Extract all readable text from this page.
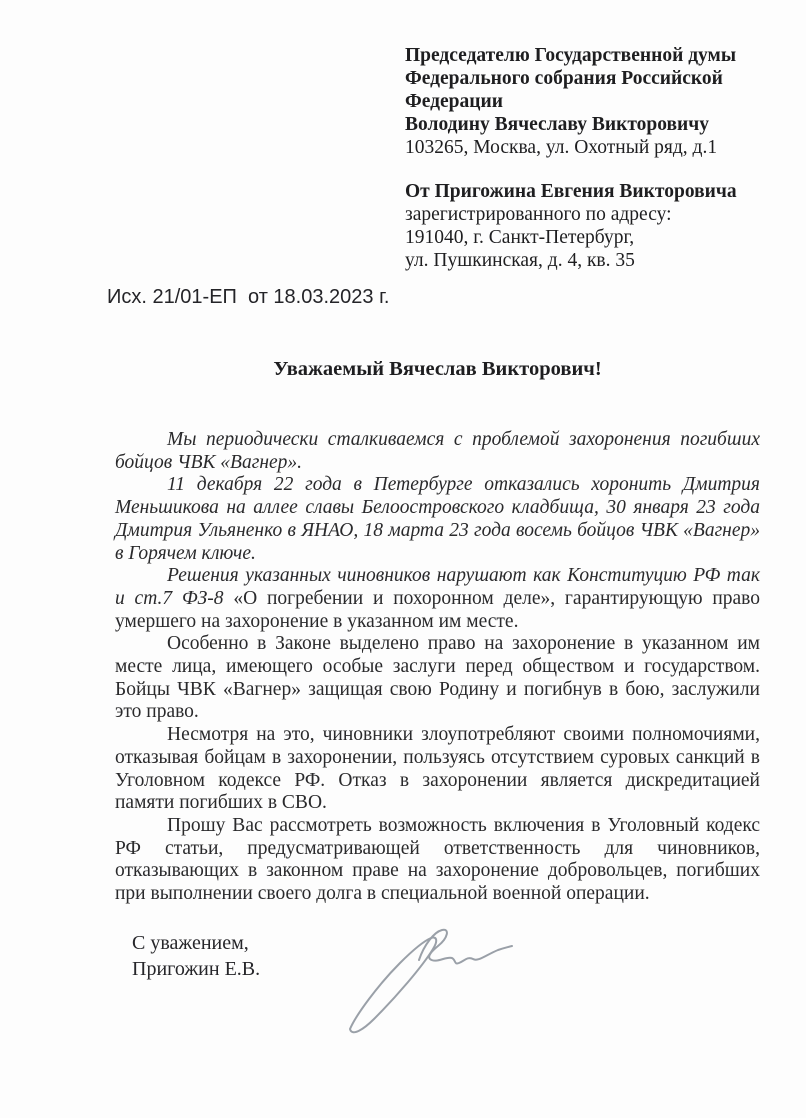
Председателю Государственной думы
Федерального собрания Российской
Федерации
Володину Вячеславу Викторовичу
103265, Москва, ул. Охотный ряд, д.1
От Пригожина Евгения Викторовича
зарегистрированного по адресу:
191040, г. Санкт-Петербург,
ул. Пушкинская, д. 4, кв. 35
Исх. 21/01-ЕП  от 18.03.2023 г.
Уважаемый Вячеслав Викторович!

Мы периодически сталкиваемся с проблемой захоронения погибших бойцов ЧВК «Вагнер».

11 декабря 22 года в Петербурге отказались хоронить Дмитрия Меньшикова на аллее славы Белоостровского кладбища, 30 января 23 года Дмитрия Ульяненко в ЯНАО, 18 марта 23 года восемь бойцов ЧВК «Вагнер» в Горячем ключе.

Решения указанных чиновников нарушают как Конституцию РФ так и ст.7 ФЗ-8 «О погребении и похоронном деле», гарантирующую право умершего на захоронение в указанном им месте.

Особенно в Законе выделено право на захоронение в указанном им месте лица, имеющего особые заслуги перед обществом и государством. Бойцы ЧВК «Вагнер» защищая свою Родину и погибнув в бою, заслужили это право.

Несмотря на это, чиновники злоупотребляют своими полномочиями, отказывая бойцам в захоронении, пользуясь отсутствием суровых санкций в Уголовном кодексе РФ. Отказ в захоронении является дискредитацией памяти погибших в СВО.

Прошу Вас рассмотреть возможность включения в Уголовный кодекс РФ статьи, предусматривающей ответственность для чиновников, отказывающих в законном праве на захоронение добровольцев, погибших при выполнении своего долга в специальной военной операции.

С уважением,
Пригожин Е.В.
